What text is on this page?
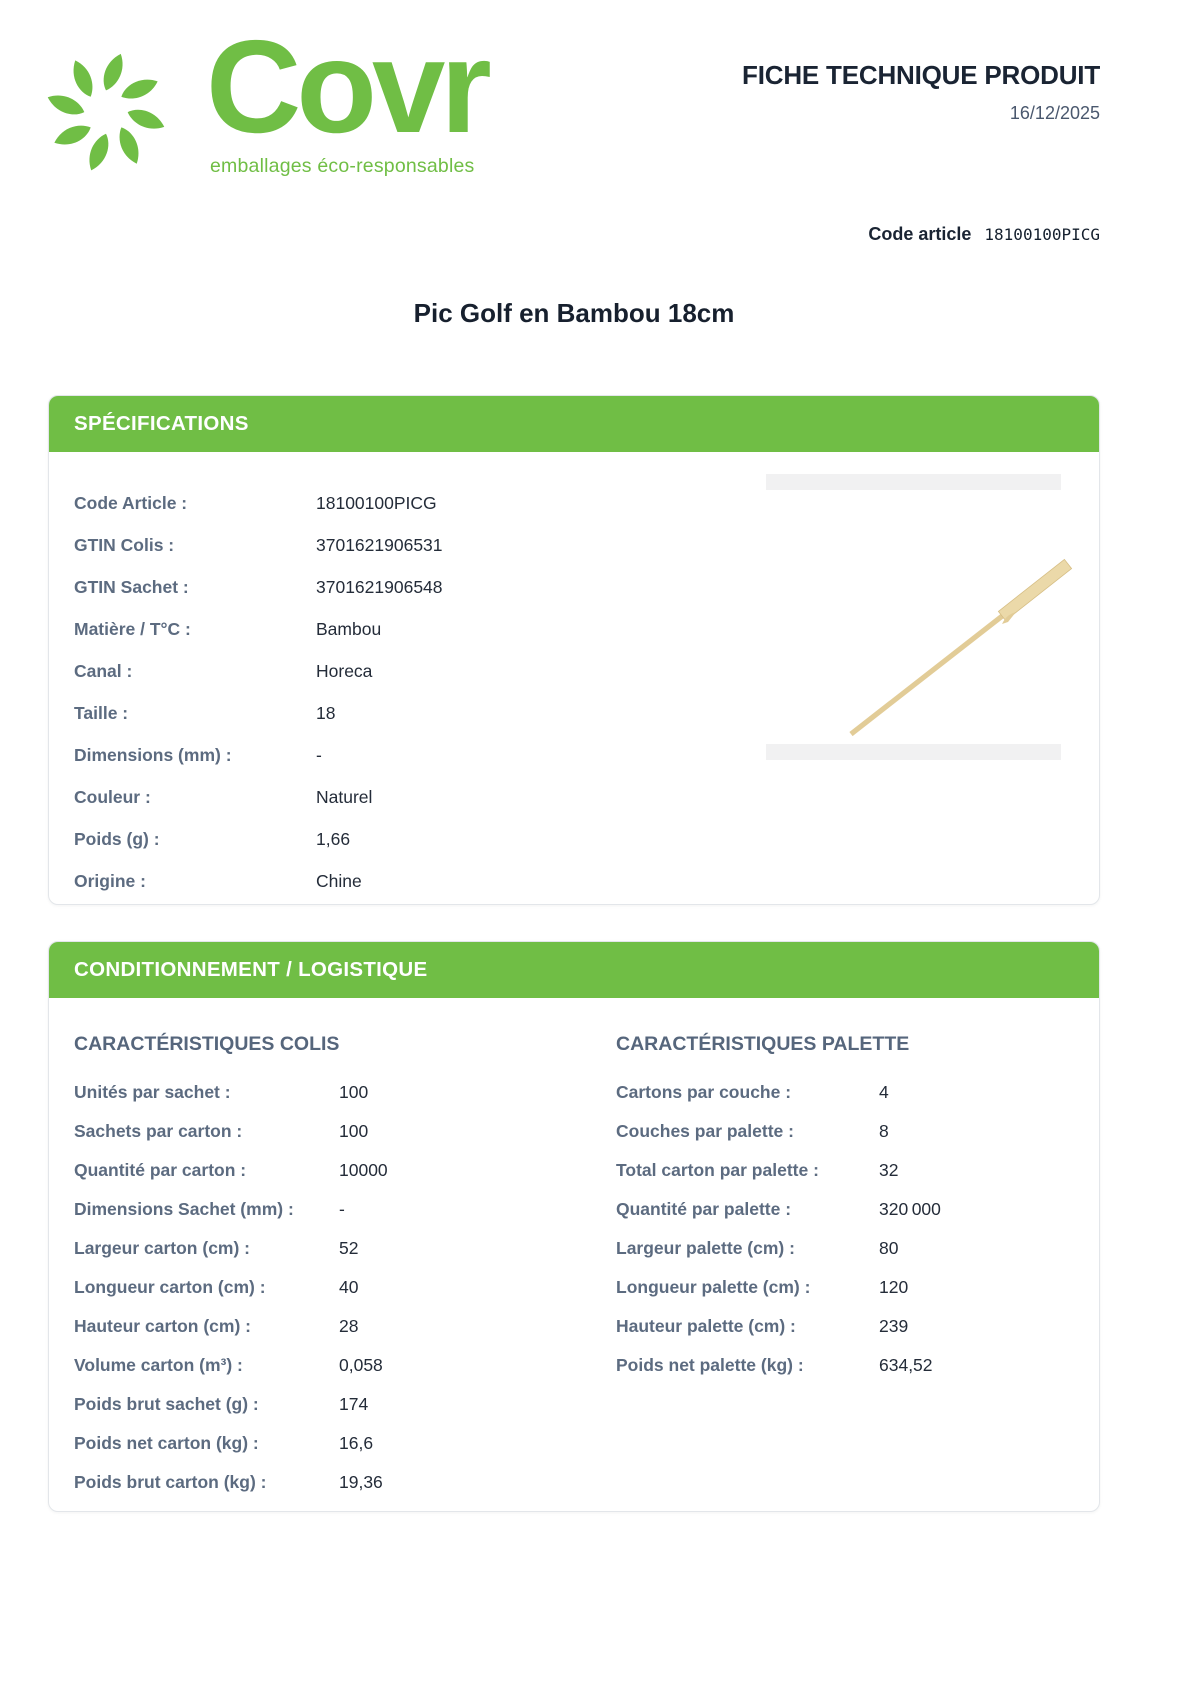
Covr
emballages éco-responsables
FICHE TECHNIQUE PRODUIT
16/12/2025
Code article 18100100PICG
Pic Golf en Bambou 18cm
SPÉCIFICATIONS
Code Article :	18100100PICG
GTIN Colis :	3701621906531
GTIN Sachet :	3701621906548
Matière / T°C :	Bambou
Canal :	Horeca
Taille :	18
Dimensions (mm) :	-
Couleur :	Naturel
Poids (g) :	1,66
Origine :	Chine
CONDITIONNEMENT / LOGISTIQUE
CARACTÉRISTIQUES COLIS
Unités par sachet :	100
Sachets par carton :	100
Quantité par carton :	10000
Dimensions Sachet (mm) :	-
Largeur carton (cm) :	52
Longueur carton (cm) :	40
Hauteur carton (cm) :	28
Volume carton (m³) :	0,058
Poids brut sachet (g) :	174
Poids net carton (kg) :	16,6
Poids brut carton (kg) :	19,36
CARACTÉRISTIQUES PALETTE
Cartons par couche :	4
Couches par palette :	8
Total carton par palette :	32
Quantité par palette :	320 000
Largeur palette (cm) :	80
Longueur palette (cm) :	120
Hauteur palette (cm) :	239
Poids net palette (kg) :	634,52
